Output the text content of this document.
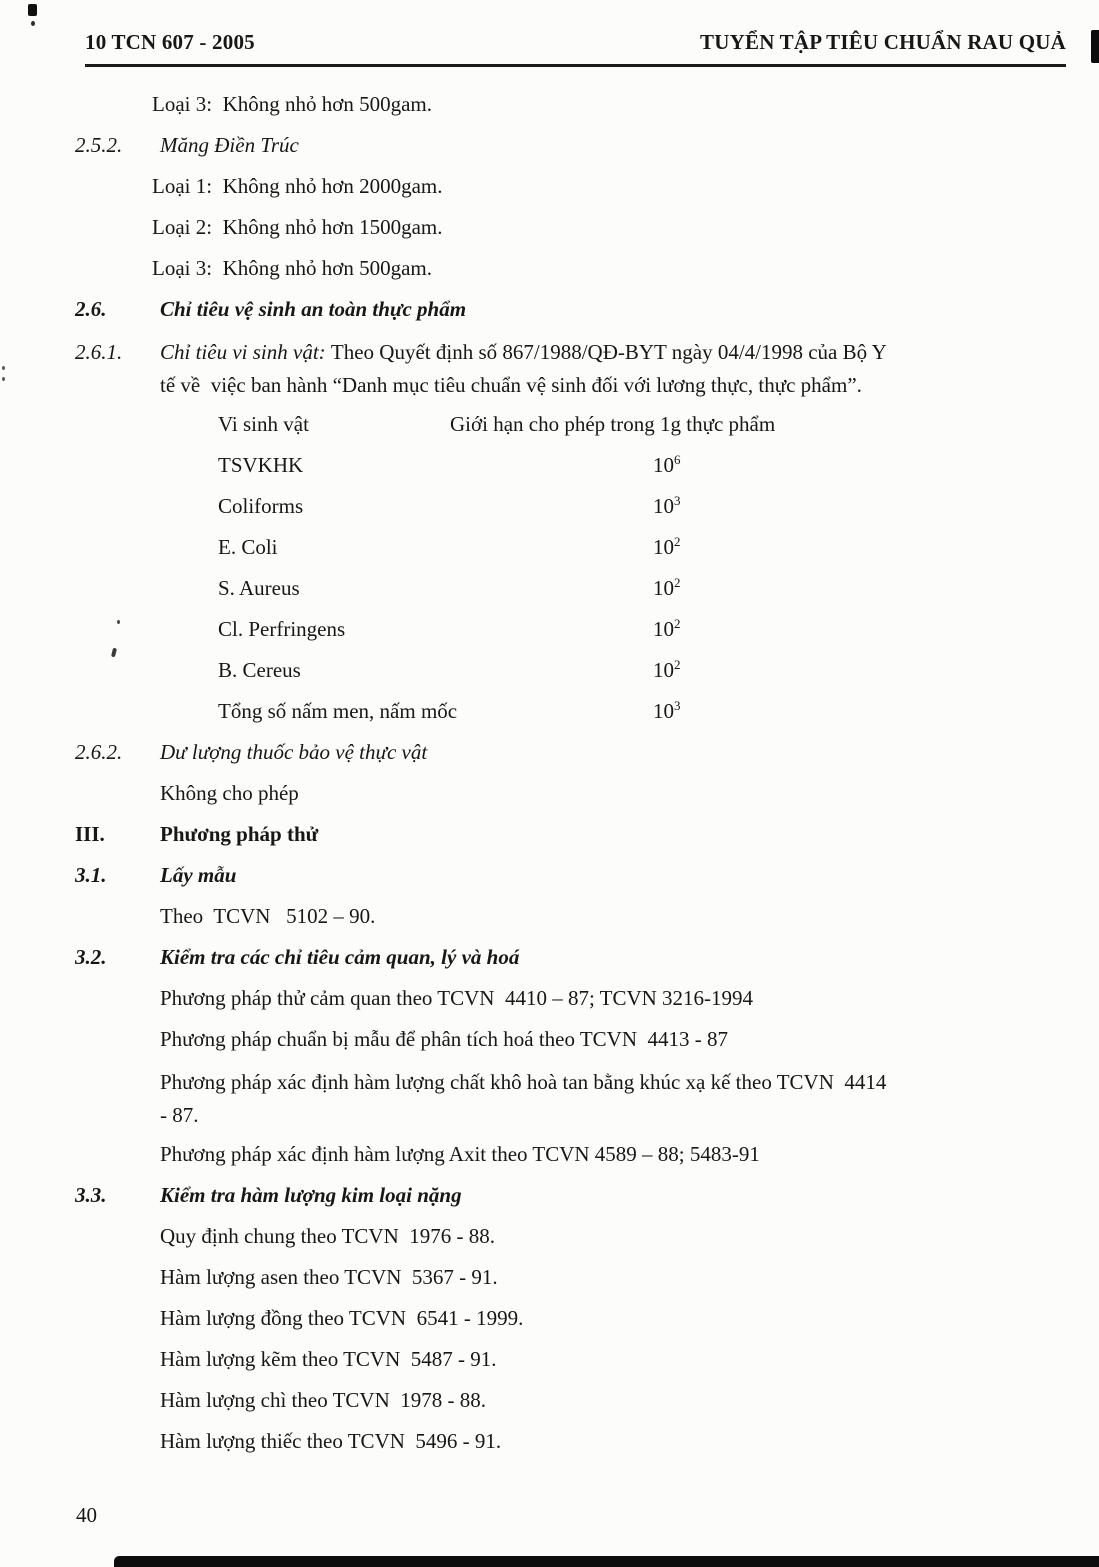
10 TCN 607 - 2005	TUYỂN TẬP TIÊU CHUẨN RAU QUẢ
Loại 3:  Không nhỏ hơn 500gam.
2.5.2. Măng Điền Trúc
Loại 1:  Không nhỏ hơn 2000gam.
Loại 2:  Không nhỏ hơn 1500gam.
Loại 3:  Không nhỏ hơn 500gam.
2.6.	Chỉ tiêu vệ sinh an toàn thực phẩm
2.6.1. Chỉ tiêu vi sinh vật: Theo Quyết định số 867/1988/QĐ-BYT ngày 04/4/1998 của Bộ Y
tế về  việc ban hành “Danh mục tiêu chuẩn vệ sinh đối với lương thực, thực phẩm”.
Vi sinh vật	Giới hạn cho phép trong 1g thực phẩm
TSVKHK	$10^6$
Coliforms	$10^3$
E. Coli	$10^2$
S. Aureus	$10^2$
Cl. Perfringens	$10^2$
B. Cereus	$10^2$
Tổng số nấm men, nấm mốc	$10^3$
2.6.2. Dư lượng thuốc bảo vệ thực vật
Không cho phép
III.	Phương pháp thử
3.1.	Lấy mẫu
Theo  TCVN   5102 – 90.
3.2.	Kiểm tra các chỉ tiêu cảm quan, lý và hoá
Phương pháp thử cảm quan theo TCVN  4410 – 87; TCVN 3216-1994
Phương pháp chuẩn bị mẫu để phân tích hoá theo TCVN  4413 - 87
Phương pháp xác định hàm lượng chất khô hoà tan bằng khúc xạ kế theo TCVN  4414
- 87.
Phương pháp xác định hàm lượng Axit theo TCVN 4589 – 88; 5483-91
3.3.	Kiểm tra hàm lượng kim loại nặng
Quy định chung theo TCVN  1976 - 88.
Hàm lượng asen theo TCVN  5367 - 91.
Hàm lượng đồng theo TCVN  6541 - 1999.
Hàm lượng kẽm theo TCVN  5487 - 91.
Hàm lượng chì theo TCVN  1978 - 88.
Hàm lượng thiếc theo TCVN  5496 - 91.
40
